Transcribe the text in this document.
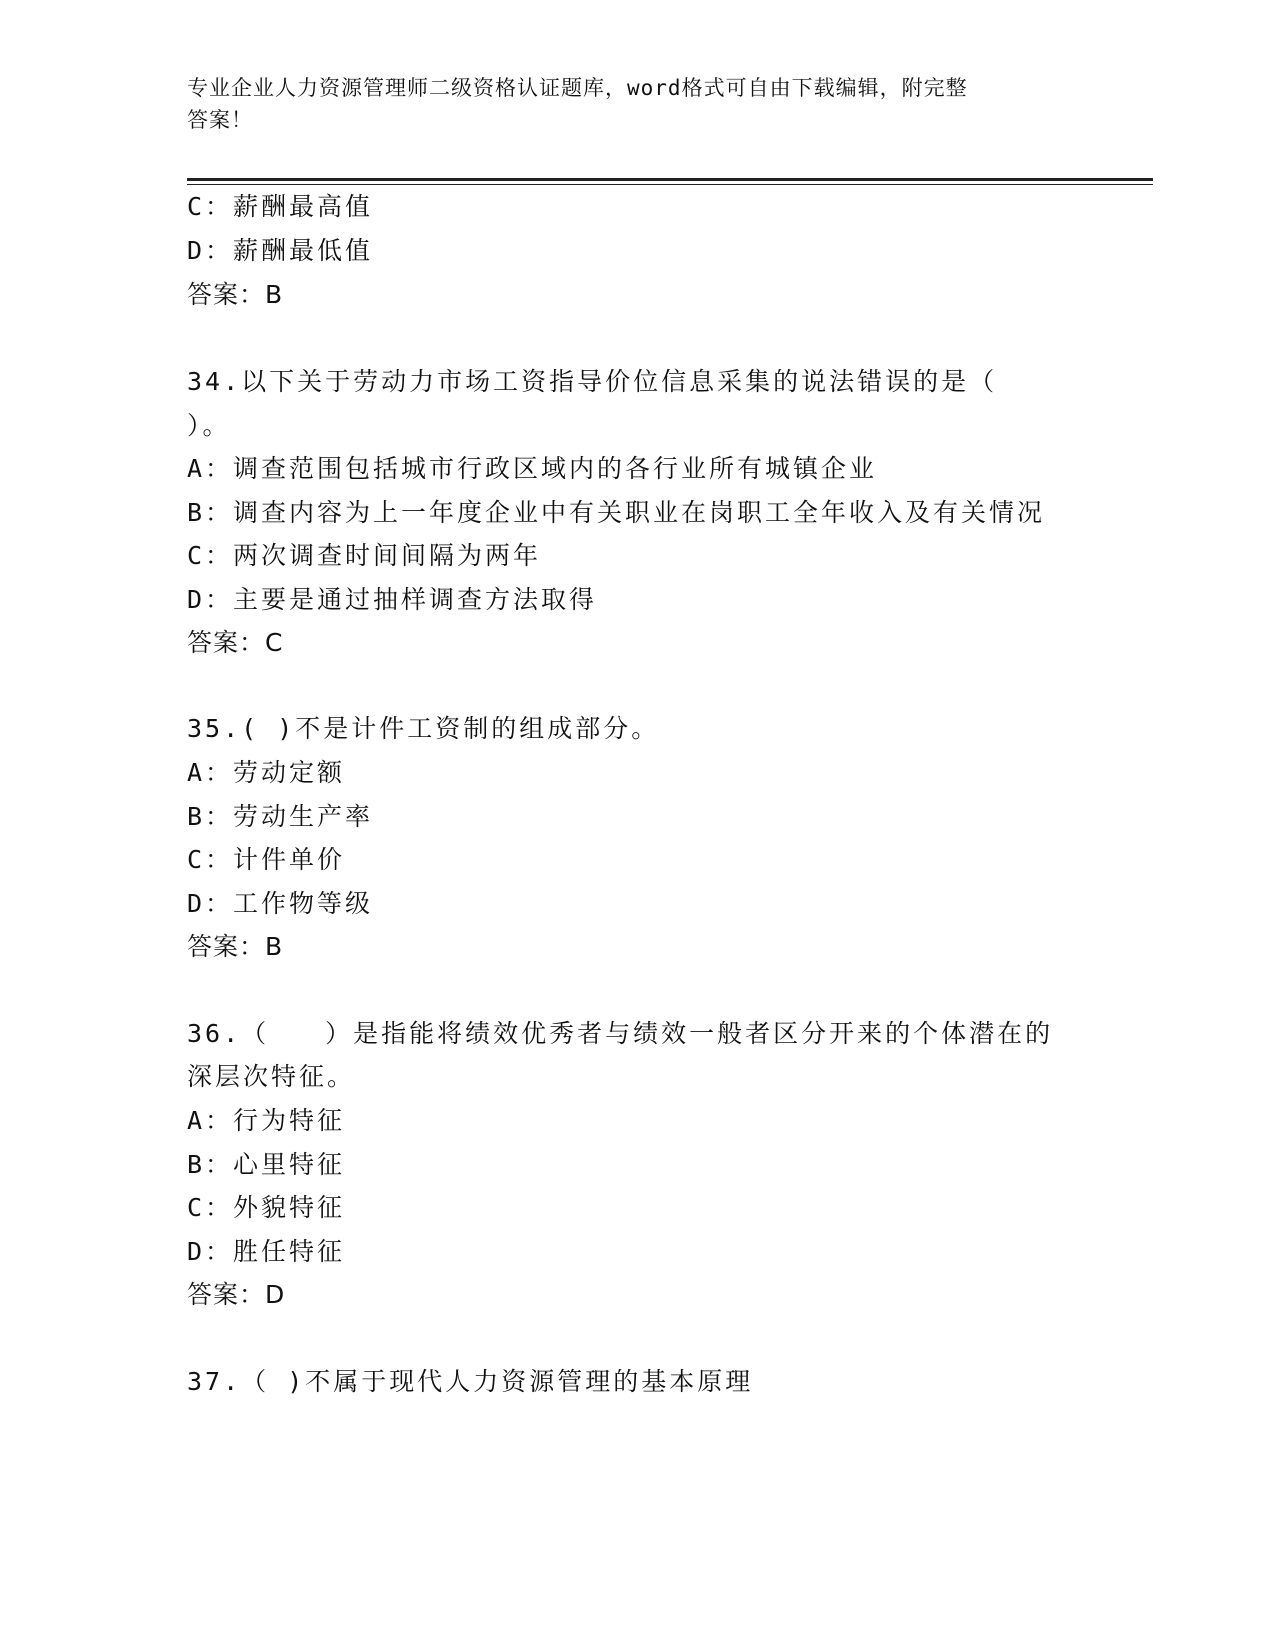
专业企业人力资源管理师二级资格认证题库，word格式可自由下载编辑，附完整
答案！
C：薪酬最高值
D：薪酬最低值
答案：B
34.以下关于劳动力市场工资指导价位信息采集的说法错误的是（
）。
A：调查范围包括城市行政区域内的各行业所有城镇企业
B：调查内容为上一年度企业中有关职业在岗职工全年收入及有关情况
C：两次调查时间间隔为两年
D：主要是通过抽样调查方法取得
答案：C
35.( )不是计件工资制的组成部分。
A：劳动定额
B：劳动生产率
C：计件单价
D：工作物等级
答案：B
36.（　　）是指能将绩效优秀者与绩效一般者区分开来的个体潜在的
深层次特征。
A：行为特征
B：心里特征
C：外貌特征
D：胜任特征
答案：D
37.（ )不属于现代人力资源管理的基本原理
